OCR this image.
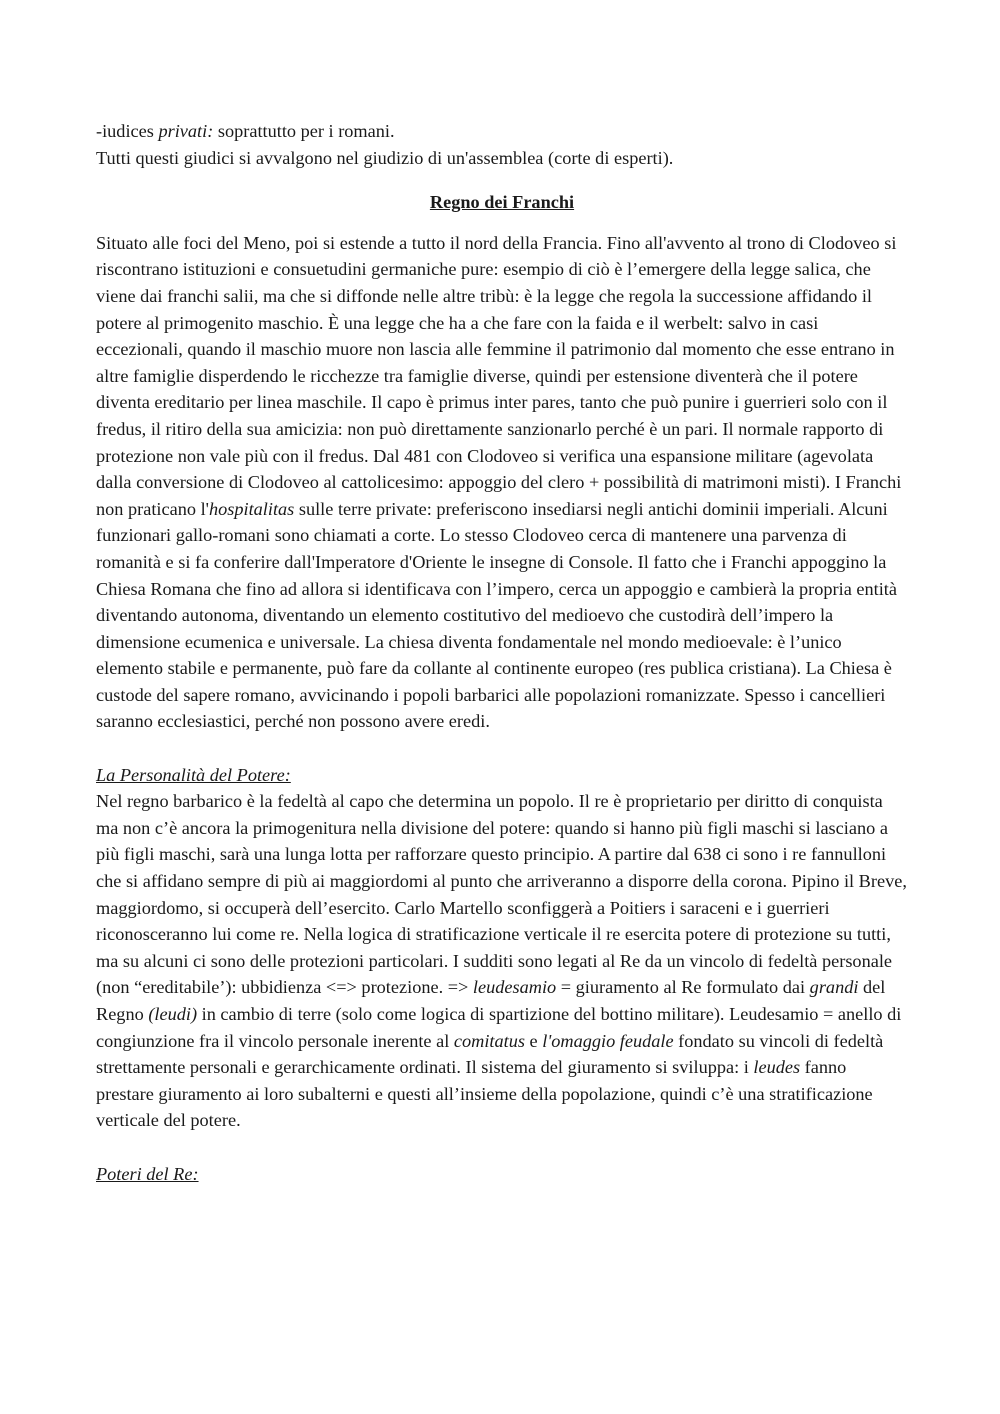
-iudices privati: soprattutto per i romani.

Tutti questi giudici si avvalgono nel giudizio di un'assemblea (corte di esperti).

Regno dei Franchi

Situato alle foci del Meno, poi si estende a tutto il nord della Francia. Fino all'avvento al trono di Clodoveo si riscontrano istituzioni e consuetudini germaniche pure: esempio di ciò è l’emergere della legge salica, che viene dai franchi salii, ma che si diffonde nelle altre tribù: è la legge che regola la successione affidando il potere al primogenito maschio. È una legge che ha a che fare con la faida e il werbelt: salvo in casi eccezionali, quando il maschio muore non lascia alle femmine il patrimonio dal momento che esse entrano in altre famiglie disperdendo le ricchezze tra famiglie diverse, quindi per estensione diventerà che il potere diventa ereditario per linea maschile. Il capo è primus inter pares, tanto che può punire i guerrieri solo con il fredus, il ritiro della sua amicizia: non può direttamente sanzionarlo perché è un pari. Il normale rapporto di protezione non vale più con il fredus. Dal 481 con Clodoveo si verifica una espansione militare (agevolata dalla conversione di Clodoveo al cattolicesimo: appoggio del clero + possibilità di matrimoni misti). I Franchi non praticano l'hospitalitas sulle terre private: preferiscono insediarsi negli antichi dominii imperiali. Alcuni funzionari gallo-romani sono chiamati a corte. Lo stesso Clodoveo cerca di mantenere una parvenza di romanità e si fa conferire dall'Imperatore d'Oriente le insegne di Console. Il fatto che i Franchi appoggino la Chiesa Romana che fino ad allora si identificava con l’impero, cerca un appoggio e cambierà la propria entità diventando autonoma, diventando un elemento costitutivo del medioevo che custodirà dell’impero la dimensione ecumenica e universale. La chiesa diventa fondamentale nel mondo medioevale: è l’unico elemento stabile e permanente, può fare da collante al continente europeo (res publica cristiana). La Chiesa è custode del sapere romano, avvicinando i popoli barbarici alle popolazioni romanizzate. Spesso i cancellieri saranno ecclesiastici, perché non possono avere eredi.

La Personalità del Potere:

Nel regno barbarico è la fedeltà al capo che determina un popolo. Il re è proprietario per diritto di conquista ma non c’è ancora la primogenitura nella divisione del potere: quando si hanno più figli maschi si lasciano a più figli maschi, sarà una lunga lotta per rafforzare questo principio. A partire dal 638 ci sono i re fannulloni che si affidano sempre di più ai maggiordomi al punto che arriveranno a disporre della corona. Pipino il Breve, maggiordomo, si occuperà dell’esercito. Carlo Martello sconfiggerà a Poitiers i saraceni e i guerrieri riconosceranno lui come re. Nella logica di stratificazione verticale il re esercita potere di protezione su tutti, ma su alcuni ci sono delle protezioni particolari. I sudditi sono legati al Re da un vincolo di fedeltà personale (non “ereditabile’): ubbidienza <=> protezione. => leudesamio = giuramento al Re formulato dai grandi del Regno (leudi) in cambio di terre (solo come logica di spartizione del bottino militare). Leudesamio = anello di congiunzione fra il vincolo personale inerente al comitatus e l'omaggio feudale fondato su vincoli di fedeltà strettamente personali e gerarchicamente ordinati. Il sistema del giuramento si sviluppa: i leudes fanno prestare giuramento ai loro subalterni e questi all’insieme della popolazione, quindi c’è una stratificazione verticale del potere.

Poteri del Re:
